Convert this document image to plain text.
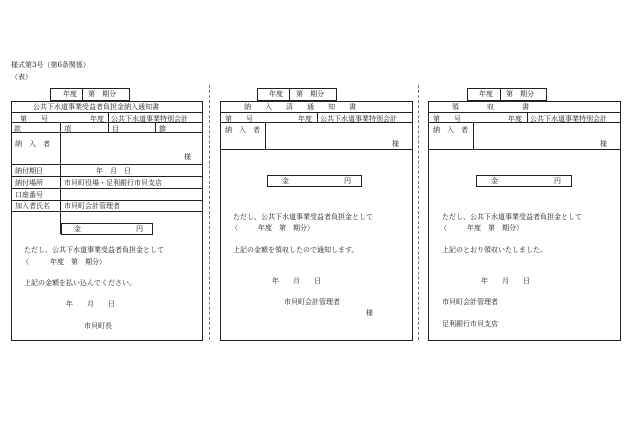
様式第3号（第6条関係）
（表）
年度 第　期分
公共下水道事業受益者負担金納入通知書
第　　号	年度 公共下水道事業特別会計
款	項	目	節
納　入　者
様
納付期日	年　月　日
納付場所	市貝町役場・足利銀行市貝支店
口座番号
加入者氏名 市貝町会計管理者
ただし、公共下水道事業受益者負担金として
（	年度　第　期分）
上記の金額を払い込んでください。
年　　月　　日
市貝町長
金	円
年度 第　期分
納　　入　　済　　通　　知　　書
第　　号	年度 公共下水道事業特別会計
納　入　者
様
金	円
ただし、公共下水道事業受益者負担金として
（	年度　第　期分）
上記の金額を領収したので通知します。
年　　月　　日
市貝町会計管理者
様
年度 第　期分
領　　　　収　　　　書
第　　号	年度 公共下水道事業特別会計
納　入　者
様
金	円
ただし、公共下水道事業受益者負担金として
（	年度　第　期分）
上記のとおり領収いたしました。
年　　月　　日
市貝町会計管理者
足利銀行市貝支店
